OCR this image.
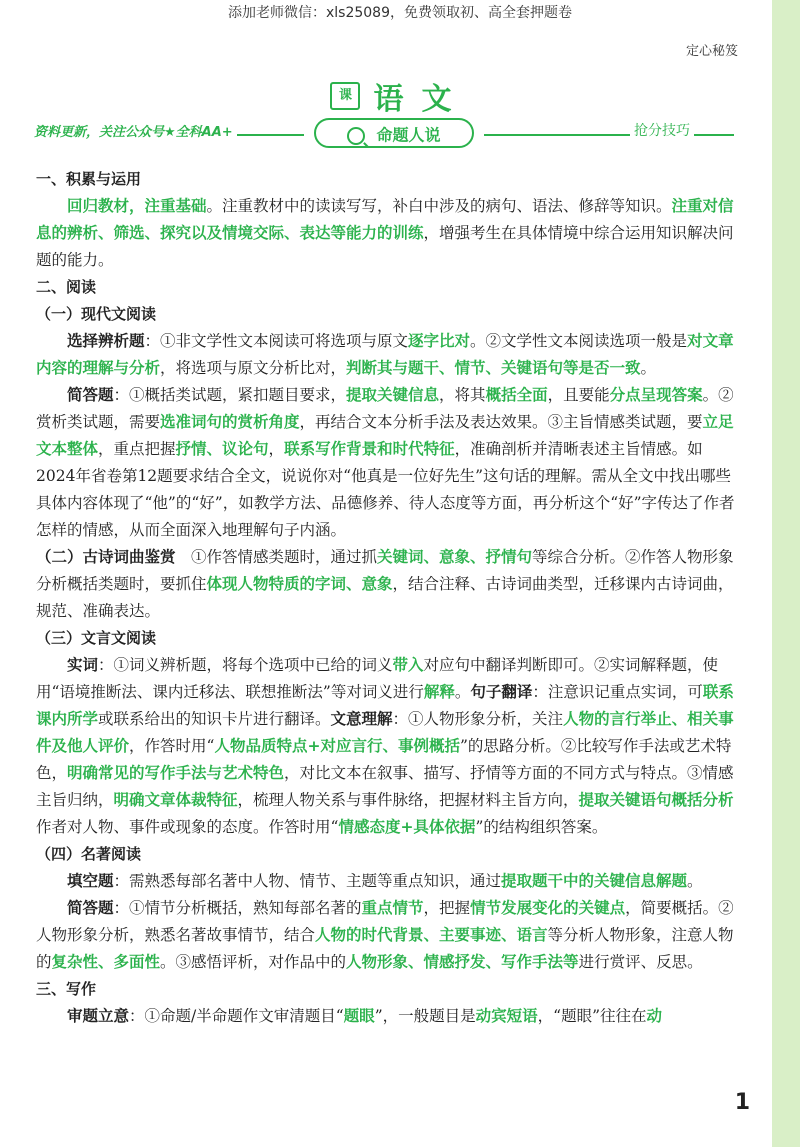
添加老师微信：xls25089，免费领取初、高全套押题卷
定心秘笈
课 语文
资料更新，关注公众号★全科AA+	命题人说	抢分技巧

一、积累与运用

回归教材，注重基础。注重教材中的读读写写，补白中涉及的病句、语法、修辞等知识。注重对信息的辨析、筛选、探究以及情境交际、表达等能力的训练，增强考生在具体情境中综合运用知识解决问题的能力。

二、阅读

（一）现代文阅读

选择辨析题：①非文学性文本阅读可将选项与原文逐字比对。②文学性文本阅读选项一般是对文章内容的理解与分析，将选项与原文分析比对，判断其与题干、情节、关键语句等是否一致。

简答题：①概括类试题，紧扣题目要求，提取关键信息，将其概括全面，且要能分点呈现答案。②赏析类试题，需要选准词句的赏析角度，再结合文本分析手法及表达效果。③主旨情感类试题，要立足文本整体，重点把握抒情、议论句，联系写作背景和时代特征，准确剖析并清晰表述主旨情感。如2024年省卷第12题要求结合全文，说说你对“他真是一位好先生”这句话的理解。需从全文中找出哪些具体内容体现了“他”的“好”，如教学方法、品德修养、待人态度等方面，再分析这个“好”字传达了作者怎样的情感，从而全面深入地理解句子内涵。

（二）古诗词曲鉴赏　①作答情感类题时，通过抓关键词、意象、抒情句等综合分析。②作答人物形象分析概括类题时，要抓住体现人物特质的字词、意象，结合注释、古诗词曲类型，迁移课内古诗词曲，规范、准确表达。

（三）文言文阅读

实词：①词义辨析题，将每个选项中已给的词义带入对应句中翻译判断即可。②实词解释题，使用“语境推断法、课内迁移法、联想推断法”等对词义进行解释。句子翻译：注意识记重点实词，可联系课内所学或联系给出的知识卡片进行翻译。文意理解：①人物形象分析，关注人物的言行举止、相关事件及他人评价，作答时用“人物品质特点+对应言行、事例概括”的思路分析。②比较写作手法或艺术特色，明确常见的写作手法与艺术特色，对比文本在叙事、描写、抒情等方面的不同方式与特点。③情感主旨归纳，明确文章体裁特征，梳理人物关系与事件脉络，把握材料主旨方向，提取关键语句概括分析作者对人物、事件或现象的态度。作答时用“情感态度+具体依据”的结构组织答案。

（四）名著阅读

填空题：需熟悉每部名著中人物、情节、主题等重点知识，通过提取题干中的关键信息解题。

简答题：①情节分析概括，熟知每部名著的重点情节，把握情节发展变化的关键点，简要概括。②人物形象分析，熟悉名著故事情节，结合人物的时代背景、主要事迹、语言等分析人物形象，注意人物的复杂性、多面性。③感悟评析，对作品中的人物形象、情感抒发、写作手法等进行赏评、反思。

三、写作

审题立意：①命题/半命题作文审清题目“题眼”，一般题目是动宾短语，“题眼”往往在动

1
